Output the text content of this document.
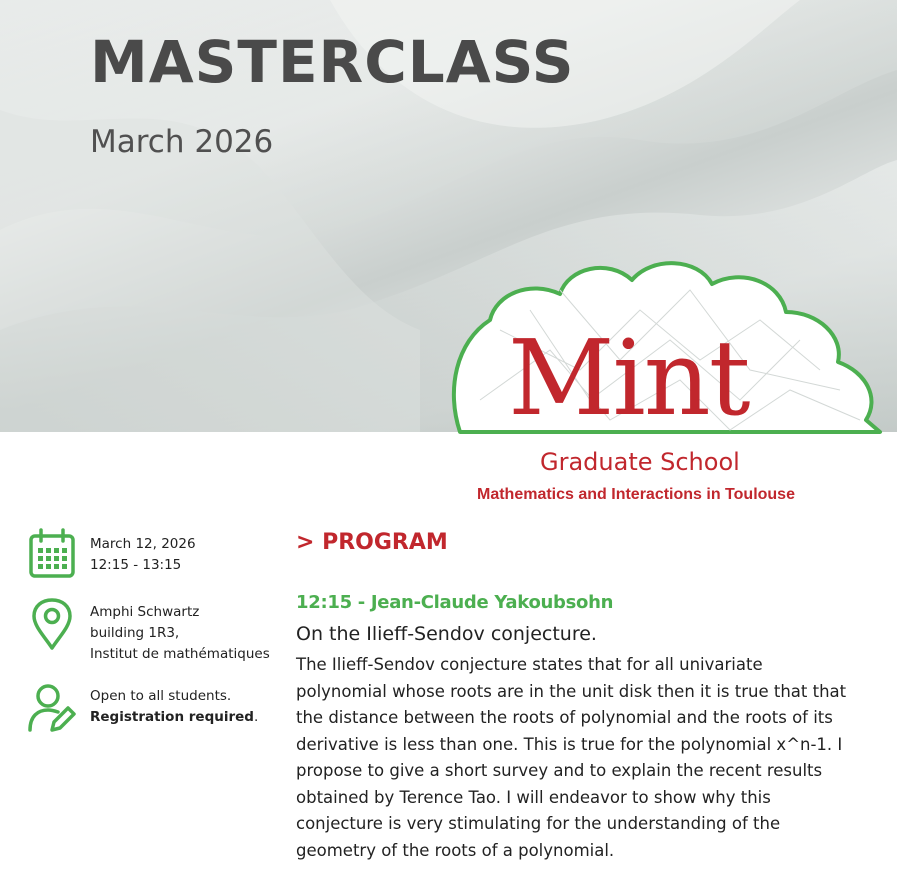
MASTERCLASS
March 2026
Mint
Graduate School
Mathematics and Interactions in Toulouse
March 12, 2026
12:15 - 13:15
Amphi Schwartz
building 1R3,
Institut de mathématiques
Open to all students.
Registration required.
> PROGRAM
12:15 - Jean-Claude Yakoubsohn
On the Ilieff-Sendov conjecture.

The Ilieff-Sendov conjecture states that for all univariate polynomial whose roots are in the unit disk then it is true that that the distance between the roots of polynomial and the roots of its derivative is less than one. This is true for the polynomial x^n-1. I propose to give a short survey and to explain the recent results obtained by Terence Tao. I will endeavor to show why this conjecture is very stimulating for the understanding of the geometry of the roots of a polynomial.
